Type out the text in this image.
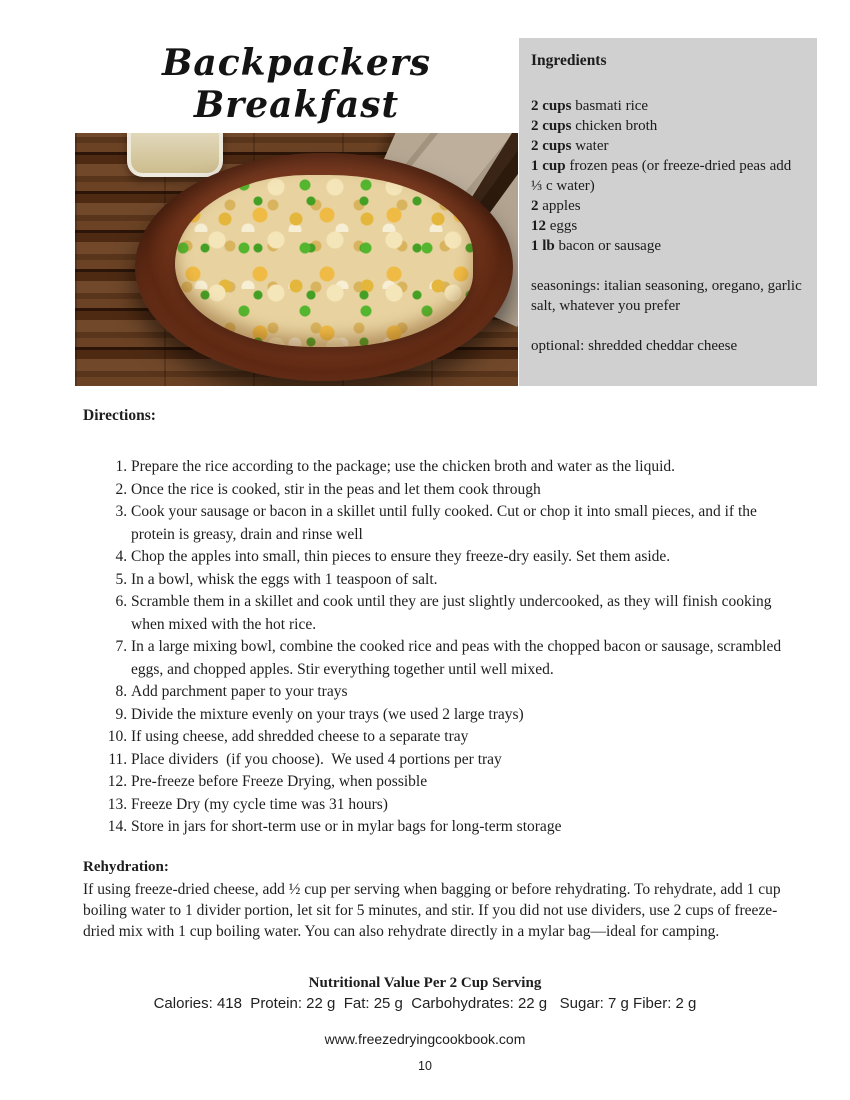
Backpackers Breakfast
Ingredients
2 cups basmati rice
2 cups chicken broth
2 cups water
1 cup frozen peas (or freeze-dried peas add ⅓ c water)
2 apples
12 eggs
1 lb bacon or sausage
seasonings: italian seasoning, oregano, garlic salt, whatever you prefer
optional: shredded cheddar cheese
Directions:
1. Prepare the rice according to the package; use the chicken broth and water as the liquid.
2. Once the rice is cooked, stir in the peas and let them cook through
3. Cook your sausage or bacon in a skillet until fully cooked. Cut or chop it into small pieces, and if the protein is greasy, drain and rinse well
4. Chop the apples into small, thin pieces to ensure they freeze-dry easily. Set them aside.
5. In a bowl, whisk the eggs with 1 teaspoon of salt.
6. Scramble them in a skillet and cook until they are just slightly undercooked, as they will finish cooking when mixed with the hot rice.
7. In a large mixing bowl, combine the cooked rice and peas with the chopped bacon or sausage, scrambled eggs, and chopped apples. Stir everything together until well mixed.
8. Add parchment paper to your trays
9. Divide the mixture evenly on your trays (we used 2 large trays)
10. If using cheese, add shredded cheese to a separate tray
11. Place dividers  (if you choose).  We used 4 portions per tray
12. Pre-freeze before Freeze Drying, when possible
13. Freeze Dry (my cycle time was 31 hours)
14. Store in jars for short-term use or in mylar bags for long-term storage
Rehydration:
If using freeze-dried cheese, add ½ cup per serving when bagging or before rehydrating. To rehydrate, add 1 cup boiling water to 1 divider portion, let sit for 5 minutes, and stir. If you did not use dividers, use 2 cups of freeze-dried mix with 1 cup boiling water. You can also rehydrate directly in a mylar bag—ideal for camping.
Nutritional Value Per 2 Cup Serving
Calories: 418  Protein: 22 g  Fat: 25 g  Carbohydrates: 22 g   Sugar: 7 g Fiber: 2 g
www.freezedryingcookbook.com
10
